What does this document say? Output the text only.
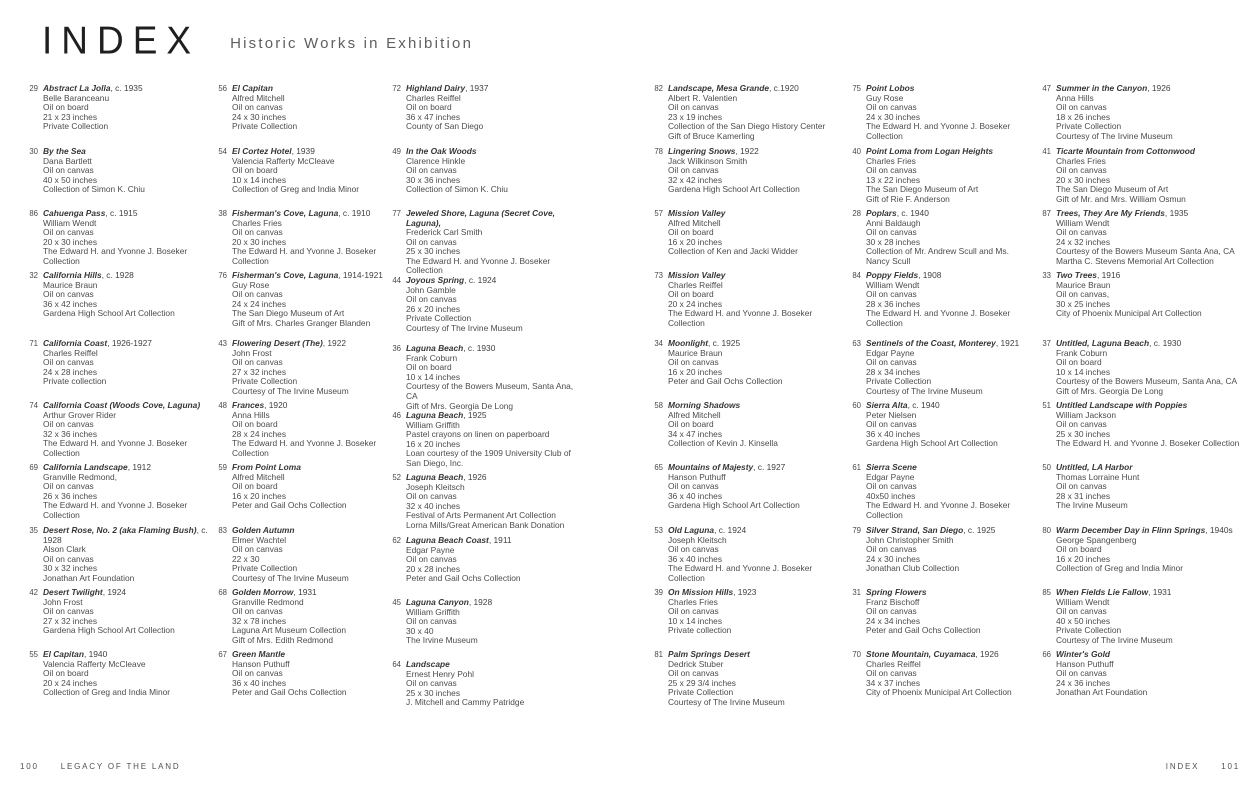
INDEX Historic Works in Exhibition
29 Abstract La Jolla, c. 1935
Belle Baranceanu
Oil on board
21 x 23 inches
Private Collection
30 By the Sea
Dana Bartlett
Oil on canvas
40 x 50 inches
Collection of Simon K. Chiu
86 Cahuenga Pass, c. 1915
William Wendt
Oil on canvas
20 x 30 inches
The Edward H. and Yvonne J. Boseker Collection
32 California Hills, c. 1928
Maurice Braun
Oil on canvas
36 x 42 inches
Gardena High School Art Collection
71 California Coast, 1926-1927
Charles Reiffel
Oil on canvas
24 x 28 inches
Private collection
74 California Coast (Woods Cove, Laguna)
Arthur Grover Rider
Oil on canvas
32 x 36 inches
The Edward H. and Yvonne J. Boseker Collection
69 California Landscape, 1912
Granville Redmond,
Oil on canvas
26 x 36 inches
The Edward H. and Yvonne J. Boseker Collection
35 Desert Rose, No. 2 (aka Flaming Bush), c. 1928
Alson Clark
Oil on canvas
30 x 32 inches
Jonathan Art Foundation
42 Desert Twilight, 1924
John Frost
Oil on canvas
27 x 32 inches
Gardena High School Art Collection
55 El Capitan, 1940
Valencia Rafferty McCleave
Oil on board
20 x 24 inches
Collection of Greg and India Minor
56 El Capitan
Alfred Mitchell
Oil on canvas
24 x 30 inches
Private Collection
54 El Cortez Hotel, 1939
Valencia Rafferty McCleave
Oil on board
10 x 14 inches
Collection of Greg and India Minor
38 Fisherman's Cove, Laguna, c. 1910
Charles Fries
Oil on canvas
20 x 30 inches
The Edward H. and Yvonne J. Boseker Collection
76 Fisherman's Cove, Laguna, 1914-1921
Guy Rose
Oil on canvas
24 x 24 inches
The San Diego Museum of Art
Gift of Mrs. Charles Granger Blanden
43 Flowering Desert (The), 1922
John Frost
Oil on canvas
27 x 32 inches
Private Collection
Courtesy of The Irvine Museum
48 Frances, 1920
Anna Hills
Oil on board
28 x 24 inches
The Edward H. and Yvonne J. Boseker Collection
59 From Point Loma
Alfred Mitchell
Oil on board
16 x 20 inches
Peter and Gail Ochs Collection
83 Golden Autumn
Elmer Wachtel
Oil on canvas
22 x 30
Private Collection
Courtesy of The Irvine Museum
68 Golden Morrow, 1931
Granville Redmond
Oil on canvas
32 x 78 inches
Laguna Art Museum Collection
Gift of Mrs. Edith Redmond
67 Green Mantle
Hanson Puthuff
Oil on canvas
36 x 40 inches
Peter and Gail Ochs Collection
72 Highland Dairy, 1937
Charles Reiffel
Oil on board
36 x 47 inches
County of San Diego
49 In the Oak Woods
Clarence Hinkle
Oil on canvas
30 x 36 inches
Collection of Simon K. Chiu
77 Jeweled Shore, Laguna (Secret Cove, Laguna),
Frederick Carl Smith
Oil on canvas
25 x 30 inches
The Edward H. and Yvonne J. Boseker Collection
44 Joyous Spring, c. 1924
John Gamble
Oil on canvas
26 x 20 inches
Private Collection
Courtesy of The Irvine Museum
36 Laguna Beach, c. 1930
Frank Coburn
Oil on board
10 x 14 inches
Courtesy of the Bowers Museum, Santa Ana, CA
Gift of Mrs. Georgia De Long
46 Laguna Beach, 1925
William Griffith
Pastel crayons on linen on paperboard
16 x 20 inches
Loan courtesy of the 1909 University Club of San Diego, Inc.
52 Laguna Beach, 1926
Joseph Kleitsch
Oil on canvas
32 x 40 inches
Festival of Arts Permanent Art Collection
Lorna Mills/Great American Bank Donation
62 Laguna Beach Coast, 1911
Edgar Payne
Oil on canvas
20 x 28 inches
Peter and Gail Ochs Collection
45 Laguna Canyon, 1928
William Griffith
Oil on canvas
30 x 40
The Irvine Museum
64 Landscape
Ernest Henry Pohl
Oil on canvas
25 x 30 inches
J. Mitchell and Cammy Patridge
82 Landscape, Mesa Grande, c.1920
Albert R. Valentien
Oil on canvas
23 x 19 inches
Collection of the San Diego History Center
Gift of Bruce Kamerling
78 Lingering Snows, 1922
Jack Wilkinson Smith
Oil on canvas
32 x 42 inches
Gardena High School Art Collection
57 Mission Valley
Alfred Mitchell
Oil on board
16 x 20 inches
Collection of Ken and Jacki Widder
73 Mission Valley
Charles Reiffel
Oil on board
20 x 24 inches
The Edward H. and Yvonne J. Boseker Collection
34 Moonlight, c. 1925
Maurice Braun
Oil on canvas
16 x 20 inches
Peter and Gail Ochs Collection
58 Morning Shadows
Alfred Mitchell
Oil on board
34 x 47 inches
Collection of Kevin J. Kinsella
65 Mountains of Majesty, c. 1927
Hanson Puthuff
Oil on canvas
36 x 40 inches
Gardena High School Art Collection
53 Old Laguna, c. 1924
Joseph Kleitsch
Oil on canvas
36 x 40 inches
The Edward H. and Yvonne J. Boseker Collection
39 On Mission Hills, 1923
Charles Fries
Oil on canvas
10 x 14 inches
Private collection
81 Palm Springs Desert
Dedrick Stuber
Oil on canvas
25 x 29 3/4 inches
Private Collection
Courtesy of The Irvine Museum
75 Point Lobos
Guy Rose
Oil on canvas
24 x 30 inches
The Edward H. and Yvonne J. Boseker Collection
40 Point Loma from Logan Heights
Charles Fries
Oil on canvas
13 x 22 inches
The San Diego Museum of Art
Gift of Rie F. Anderson
28 Poplars, c. 1940
Anni Baldaugh
Oil on canvas
30 x 28 inches
Collection of Mr. Andrew Scull and Ms. Nancy Scull
84 Poppy Fields, 1908
William Wendt
Oil on canvas
28 x 36 inches
The Edward H. and Yvonne J. Boseker Collection
63 Sentinels of the Coast, Monterey, 1921
Edgar Payne
Oil on canvas
28 x 34 inches
Private Collection
Courtesy of The Irvine Museum
60 Sierra Alta, c. 1940
Peter Nielsen
Oil on canvas
36 x 40 inches
Gardena High School Art Collection
61 Sierra Scene
Edgar Payne
Oil on canvas
40x50 inches
The Edward H. and Yvonne J. Boseker Collection
79 Silver Strand, San Diego, c. 1925
John Christopher Smith
Oil on canvas
24 x 30 inches
Jonathan Club Collection
31 Spring Flowers
Franz Bischoff
Oil on canvas
24 x 34 inches
Peter and Gail Ochs Collection
70 Stone Mountain, Cuyamaca, 1926
Charles Reiffel
Oil on canvas
34 x 37 inches
City of Phoenix Municipal Art Collection
47 Summer in the Canyon, 1926
Anna Hills
Oil on canvas
18 x 26 inches
Private Collection
Courtesy of The Irvine Museum
41 Ticarte Mountain from Cottonwood
Charles Fries
Oil on canvas
20 x 30 inches
The San Diego Museum of Art
Gift of Mr. and Mrs. William Osmun
87 Trees, They Are My Friends, 1935
William Wendt
Oil on canvas
24 x 32 inches
Courtesy of the Bowers Museum Santa Ana, CA
Martha C. Stevens Memorial Art Collection
33 Two Trees, 1916
Maurice Braun
Oil on canvas,
30 x 25 inches
City of Phoenix Municipal Art Collection
37 Untitled, Laguna Beach, c. 1930
Frank Coburn
Oil on board
10 x 14 inches
Courtesy of the Bowers Museum, Santa Ana, CA
Gift of Mrs. Georgia De Long
51 Untitled Landscape with Poppies
William Jackson
Oil on canvas
25 x 30 inches
The Edward H. and Yvonne J. Boseker Collection
50 Untitled, LA Harbor
Thomas Lorraine Hunt
Oil on canvas
28 x 31 inches
The Irvine Museum
80 Warm December Day in Flinn Springs, 1940s
George Spangenberg
Oil on board
16 x 20 inches
Collection of Greg and India Minor
85 When Fields Lie Fallow, 1931
William Wendt
Oil on canvas
40 x 50 inches
Private Collection
Courtesy of The Irvine Museum
66 Winter's Gold
Hanson Puthuff
Oil on canvas
24 x 36 inches
Jonathan Art Foundation
100	LEGACY OF THE LAND	INDEX	101
